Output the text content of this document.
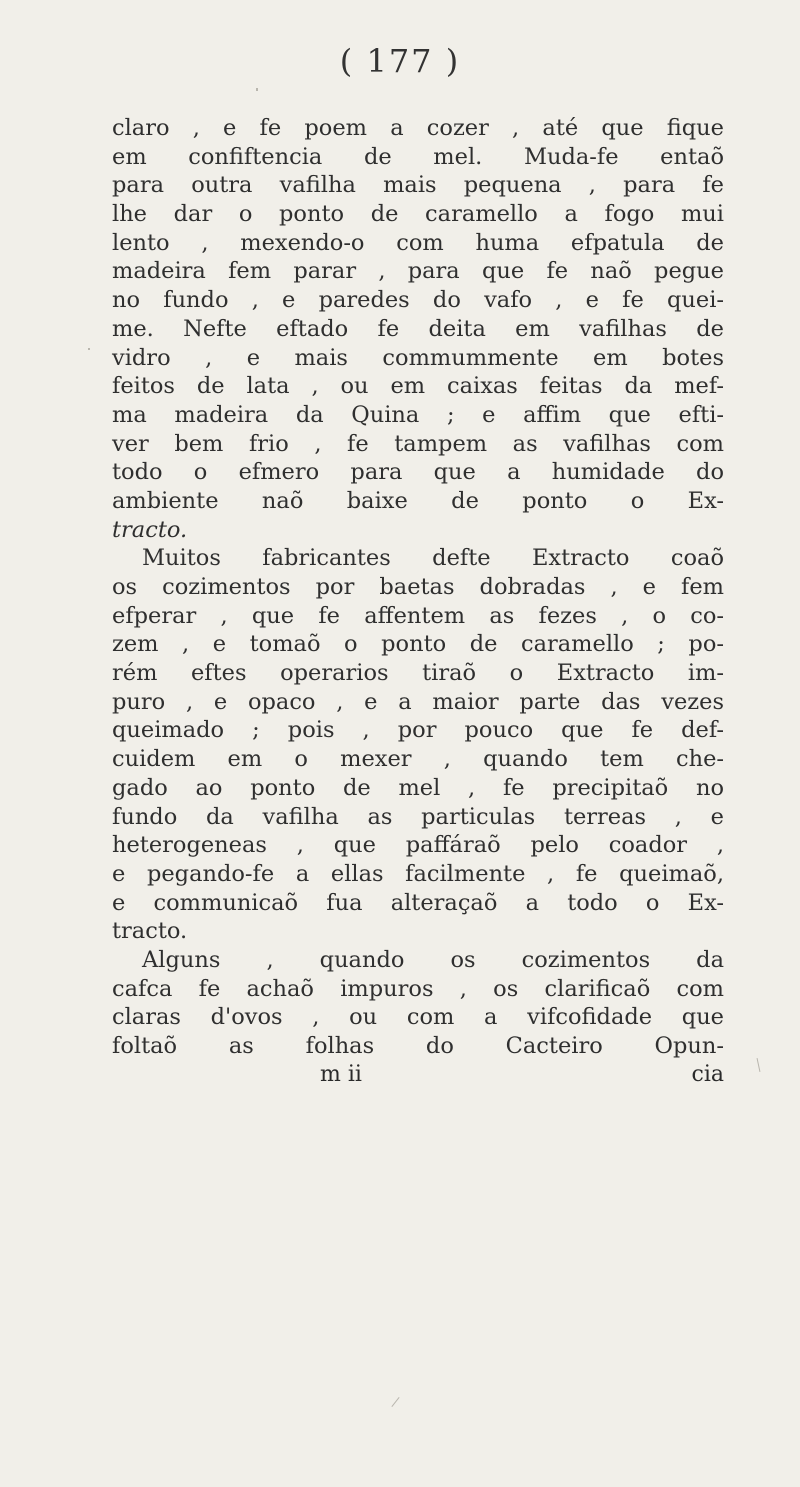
( 177 )
claro , e fe poem a cozer , até que fique
em confiftencia de mel. Muda-fe entaõ
para outra vafilha mais pequena , para fe
lhe dar o ponto de caramello a fogo mui
lento , mexendo-o com huma efpatula de
madeira fem parar , para que fe naõ pegue
no fundo , e paredes do vafo , e fe quei-
me. Nefte eftado fe deita em vafilhas de
vidro , e mais commummente em botes
feitos de lata , ou em caixas feitas da mef-
ma madeira da Quina ; e affim que efti-
ver bem frio , fe tampem as vafilhas com
todo o efmero para que a humidade do
ambiente naõ baixe de ponto o Ex-
tracto.
Muitos fabricantes defte Extracto coaõ
os cozimentos por baetas dobradas , e fem
efperar , que fe affentem as fezes , o co-
zem , e tomaõ o ponto de caramello ; po-
rém eftes operarios tiraõ o Extracto im-
puro , e opaco , e a maior parte das vezes
queimado ; pois , por pouco que fe def-
cuidem em o mexer , quando tem che-
gado ao ponto de mel , fe precipitaõ no
fundo da vafilha as particulas terreas , e
heterogeneas , que paffáraõ pelo coador ,
e pegando-fe a ellas facilmente , fe queimaõ,
e communicaõ fua alteraçaõ a todo o Ex-
tracto.
Alguns , quando os cozimentos da
cafca fe achaõ impuros , os clarificaõ com
claras d'ovos , ou com a vifcofidade que
foltaõ as folhas do Cacteiro Opun-
m ii	cia
